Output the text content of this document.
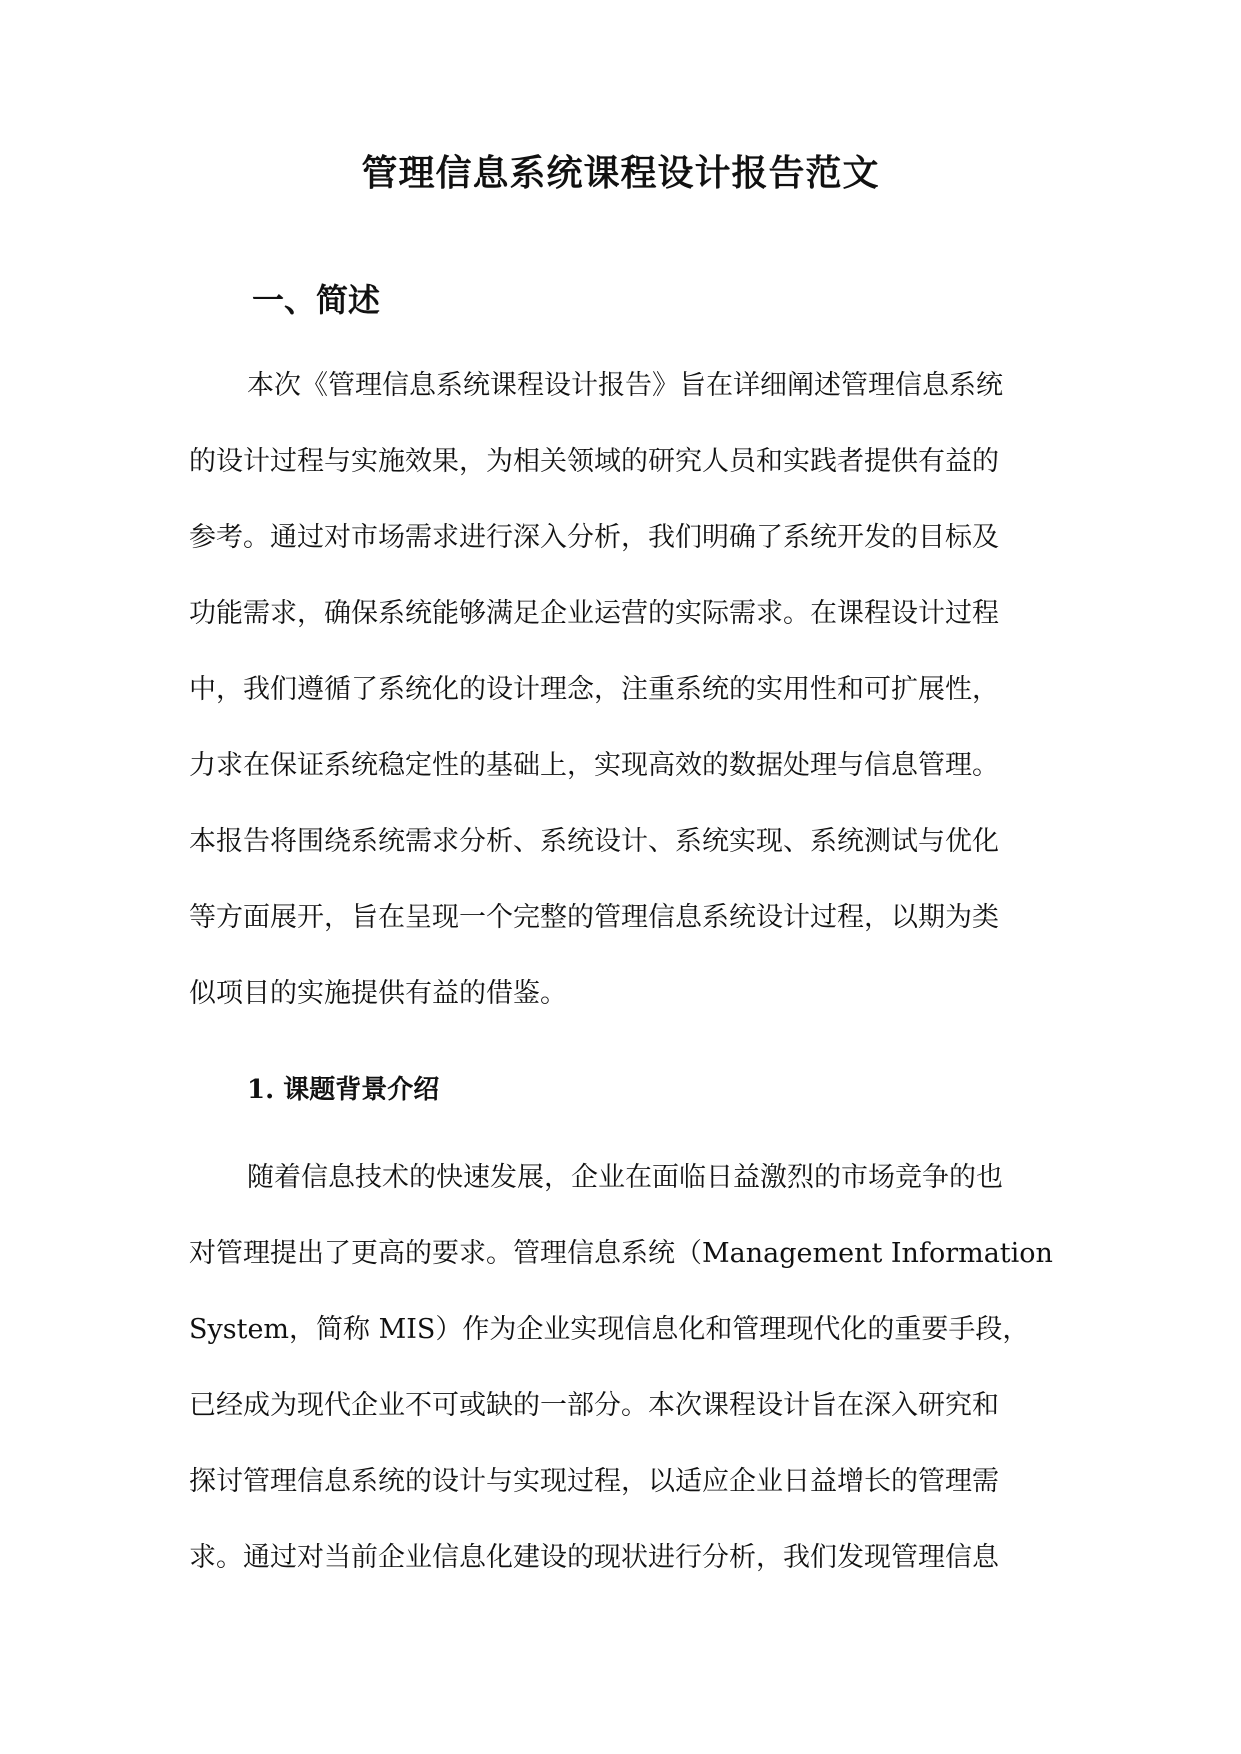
管理信息系统课程设计报告范文
一、简述
本次《管理信息系统课程设计报告》旨在详细阐述管理信息系统
的设计过程与实施效果，为相关领域的研究人员和实践者提供有益的
参考。通过对市场需求进行深入分析，我们明确了系统开发的目标及
功能需求，确保系统能够满足企业运营的实际需求。在课程设计过程
中，我们遵循了系统化的设计理念，注重系统的实用性和可扩展性，
力求在保证系统稳定性的基础上，实现高效的数据处理与信息管理。
本报告将围绕系统需求分析、系统设计、系统实现、系统测试与优化
等方面展开，旨在呈现一个完整的管理信息系统设计过程，以期为类
似项目的实施提供有益的借鉴。
1. 课题背景介绍
随着信息技术的快速发展，企业在面临日益激烈的市场竞争的也
对管理提出了更高的要求。管理信息系统（Management Information
System，简称 MIS）作为企业实现信息化和管理现代化的重要手段，
已经成为现代企业不可或缺的一部分。本次课程设计旨在深入研究和
探讨管理信息系统的设计与实现过程，以适应企业日益增长的管理需
求。通过对当前企业信息化建设的现状进行分析，我们发现管理信息
